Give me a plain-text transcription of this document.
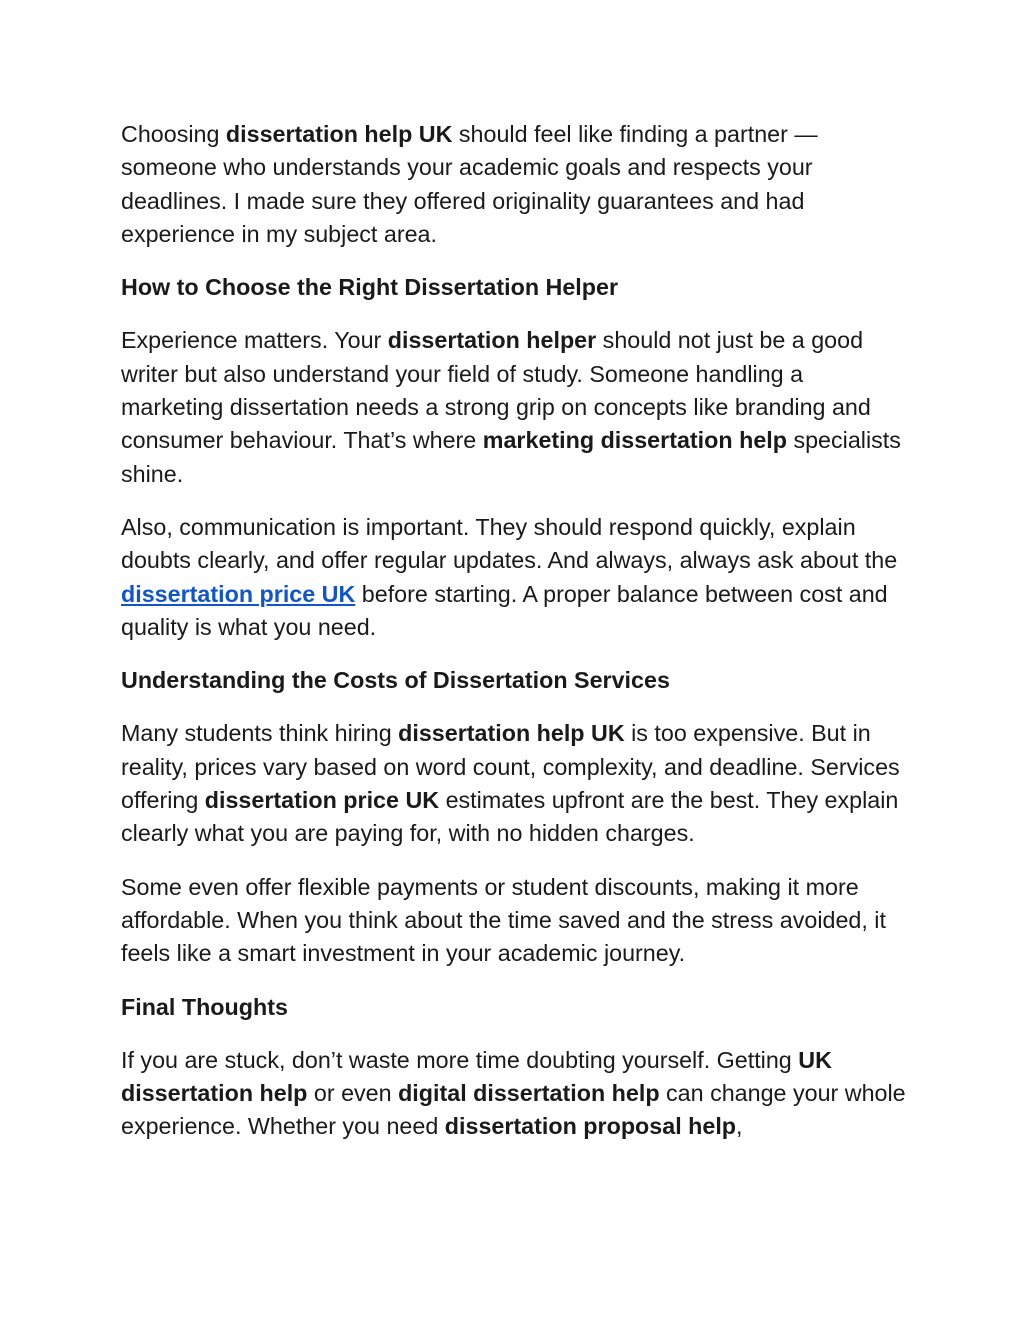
Choosing dissertation help UK should feel like finding a partner — someone who understands your academic goals and respects your deadlines. I made sure they offered originality guarantees and had experience in my subject area.

How to Choose the Right Dissertation Helper

Experience matters. Your dissertation helper should not just be a good writer but also understand your field of study. Someone handling a marketing dissertation needs a strong grip on concepts like branding and consumer behaviour. That’s where marketing dissertation help specialists shine.

Also, communication is important. They should respond quickly, explain doubts clearly, and offer regular updates. And always, always ask about the dissertation price UK before starting. A proper balance between cost and quality is what you need.

Understanding the Costs of Dissertation Services

Many students think hiring dissertation help UK is too expensive. But in reality, prices vary based on word count, complexity, and deadline. Services offering dissertation price UK estimates upfront are the best. They explain clearly what you are paying for, with no hidden charges.

Some even offer flexible payments or student discounts, making it more affordable. When you think about the time saved and the stress avoided, it feels like a smart investment in your academic journey.

Final Thoughts

If you are stuck, don’t waste more time doubting yourself. Getting UK dissertation help or even digital dissertation help can change your whole experience. Whether you need dissertation proposal help,
